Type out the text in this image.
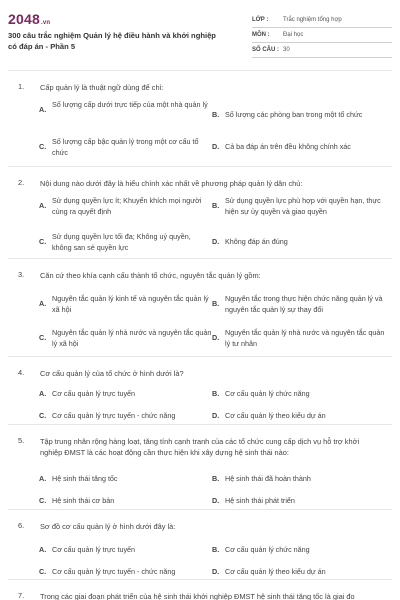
2048.vn
300 câu trắc nghiệm Quản lý hệ điều hành và khởi nghiệp có đáp án - Phần 5
LỚP :	Trắc nghiệm tổng hợp
MÔN :	Đại học
SỐ CÂU : 30
1. Cấp quản lý là thuật ngữ dùng để chỉ:
A.
Số lượng cấp dưới trực tiếp của một nhà quản lý
B. Số lượng các phòng ban trong một tổ chức
C.
Số lượng cấp bậc quản lý trong một cơ cấu tổ chức
D. Cả ba đáp án trên đều không chính xác
2. Nội dung nào dưới đây là hiểu chính xác nhất về phương pháp quản lý dân chủ:
A.
Sử dụng quyền lực ít; Khuyến khích mọi người cùng ra quyết định
B.
Sử dụng quyền lực phù hợp với quyền hạn, thực hiện sự ủy quyền và giao quyền
C.
Sử dụng quyền lực tối đa; Không uỷ quyền, không san sẻ quyền lực
D. Không đáp án đúng
3. Căn cứ theo khía cạnh cấu thành tổ chức, nguyên tắc quản lý gồm:
A.
Nguyên tắc quản lý kinh tế và nguyên tắc quản lý xã hội
B.
Nguyên tắc trong thực hiện chức năng quản lý và nguyên tắc quản lý sự thay đổi
C.
Nguyên tắc quản lý nhà nước và nguyên tắc quản lý xã hội
D.
Nguyên tắc quản lý nhà nước và nguyên tắc quản lý tư nhân
4. Cơ cấu quản lý của tổ chức ở hình dưới là?
A. Cơ cấu quản lý trực tuyến	B. Cơ cấu quản lý chức năng
C. Cơ cấu quản lý trực tuyến - chức năng	D. Cơ cấu quản lý theo kiểu dự án
5. Tập trung nhân rộng hàng loạt, tăng tính cạnh tranh của các tổ chức cung cấp dịch vụ hỗ trợ khởi nghiệp ĐMST là các hoạt động cần thực hiện khi xây dựng hệ sinh thái nào:
A. Hệ sinh thái tăng tốc	B. Hệ sinh thái đã hoàn thành
C. Hệ sinh thái cơ bản	D. Hệ sinh thái phát triển
6. Sơ đồ cơ cấu quản lý ở hình dưới đây là:
A. Cơ cấu quản lý trực tuyến	B. Cơ cấu quản lý chức năng
C. Cơ cấu quản lý trực tuyến - chức năng	D. Cơ cấu quản lý theo kiểu dự án
7. Trong các giai đoạn phát triển của hệ sinh thái khởi nghiệp ĐMST hệ sinh thái tăng tốc là giai đo
